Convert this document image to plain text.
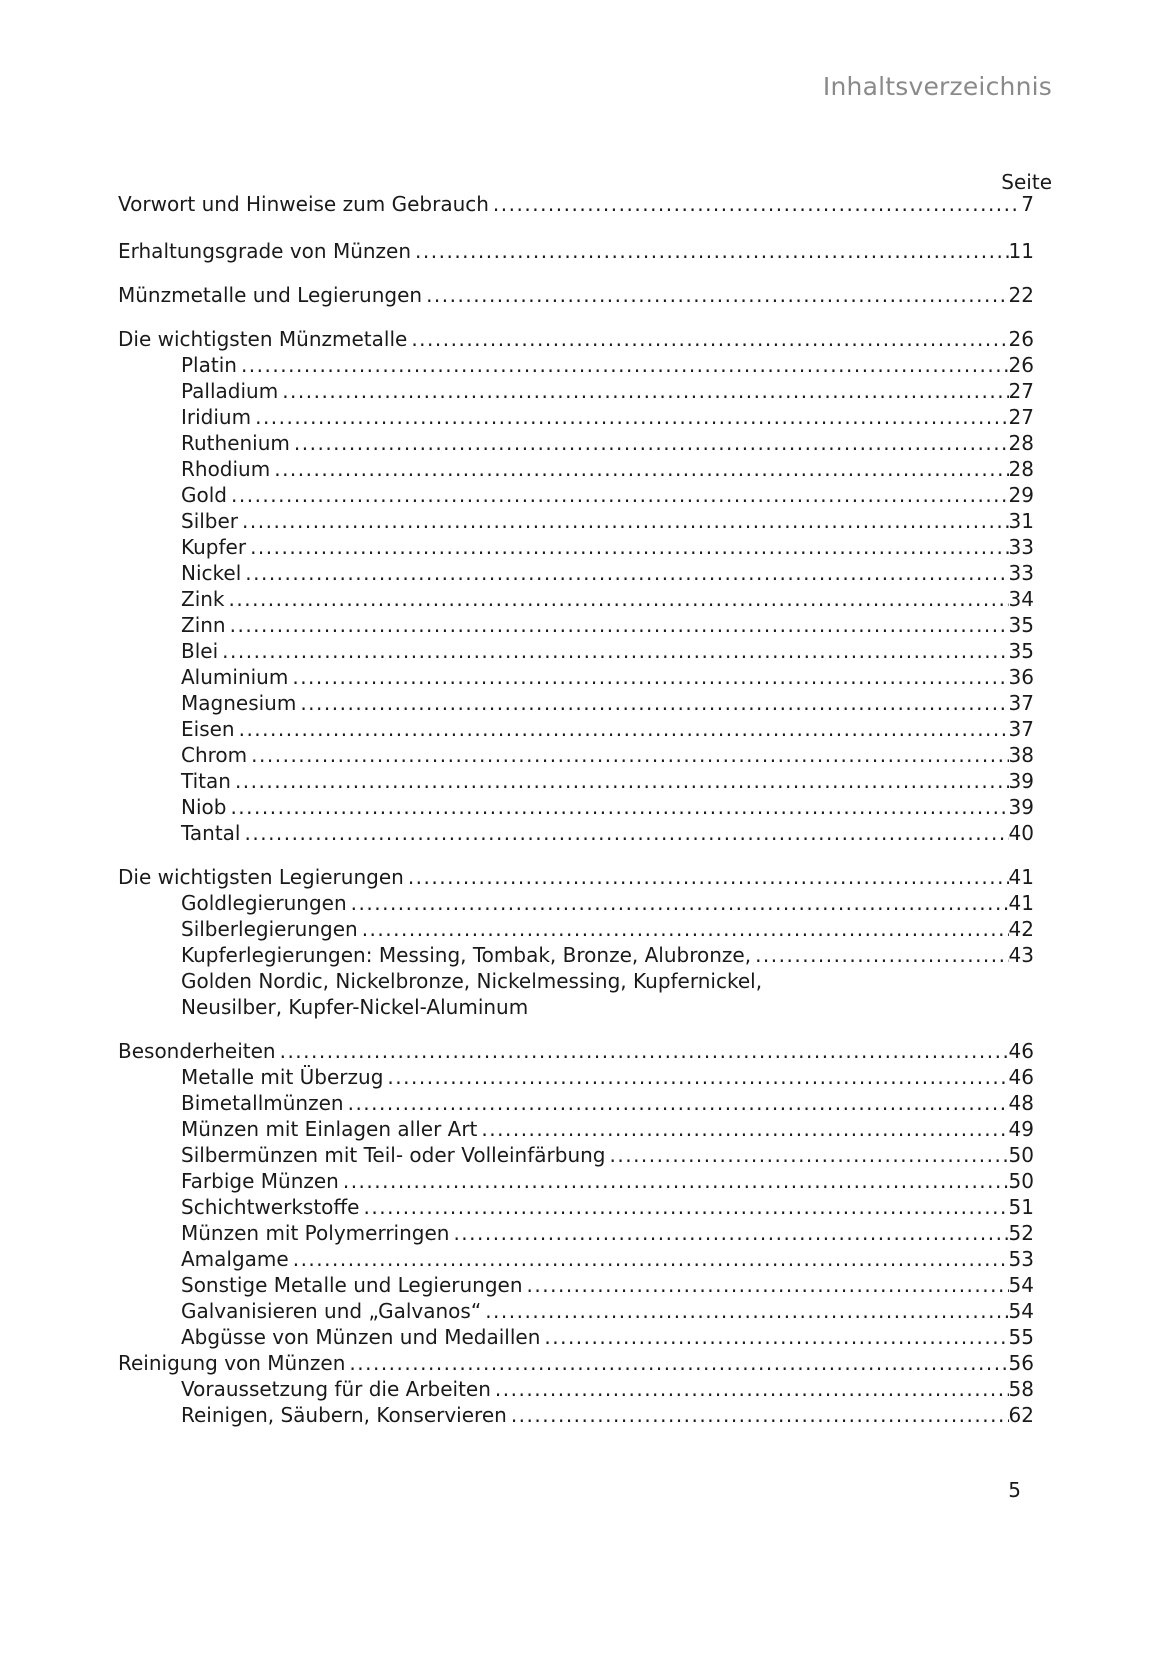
Inhaltsverzeichnis
Seite
Vorwort und Hinweise zum Gebrauch .....	7
Erhaltungsgrade von Münzen .....	11
Münzmetalle und Legierungen .....	22
Die wichtigsten Münzmetalle .....	26
Platin .....	26
Palladium .....	27
Iridium .....	27
Ruthenium .....	28
Rhodium .....	28
Gold .....	29
Silber .....	31
Kupfer .....	33
Nickel .....	33
Zink .....	34
Zinn .....	35
Blei .....	35
Aluminium .....	36
Magnesium .....	37
Eisen .....	37
Chrom .....	38
Titan .....	39
Niob .....	39
Tantal .....	40
Die wichtigsten Legierungen .....	41
Goldlegierungen .....	41
Silberlegierungen .....	42
Kupferlegierungen: Messing, Tombak, Bronze, Alubronze, .....	43
Golden Nordic, Nickelbronze, Nickelmessing, Kupfernickel,
Neusilber, Kupfer-Nickel-Aluminum
Besonderheiten .....	46
Metalle mit Überzug .....	46
Bimetallmünzen .....	48
Münzen mit Einlagen aller Art .....	49
Silbermünzen mit Teil- oder Volleinfärbung .....	50
Farbige Münzen .....	50
Schichtwerkstoffe .....	51
Münzen mit Polymerringen .....	52
Amalgame .....	53
Sonstige Metalle und Legierungen .....	54
Galvanisieren und „Galvanos“ .....	54
Abgüsse von Münzen und Medaillen .....	55
Reinigung von Münzen .....	56
Voraussetzung für die Arbeiten .....	58
Reinigen, Säubern, Konservieren .....	62
5
